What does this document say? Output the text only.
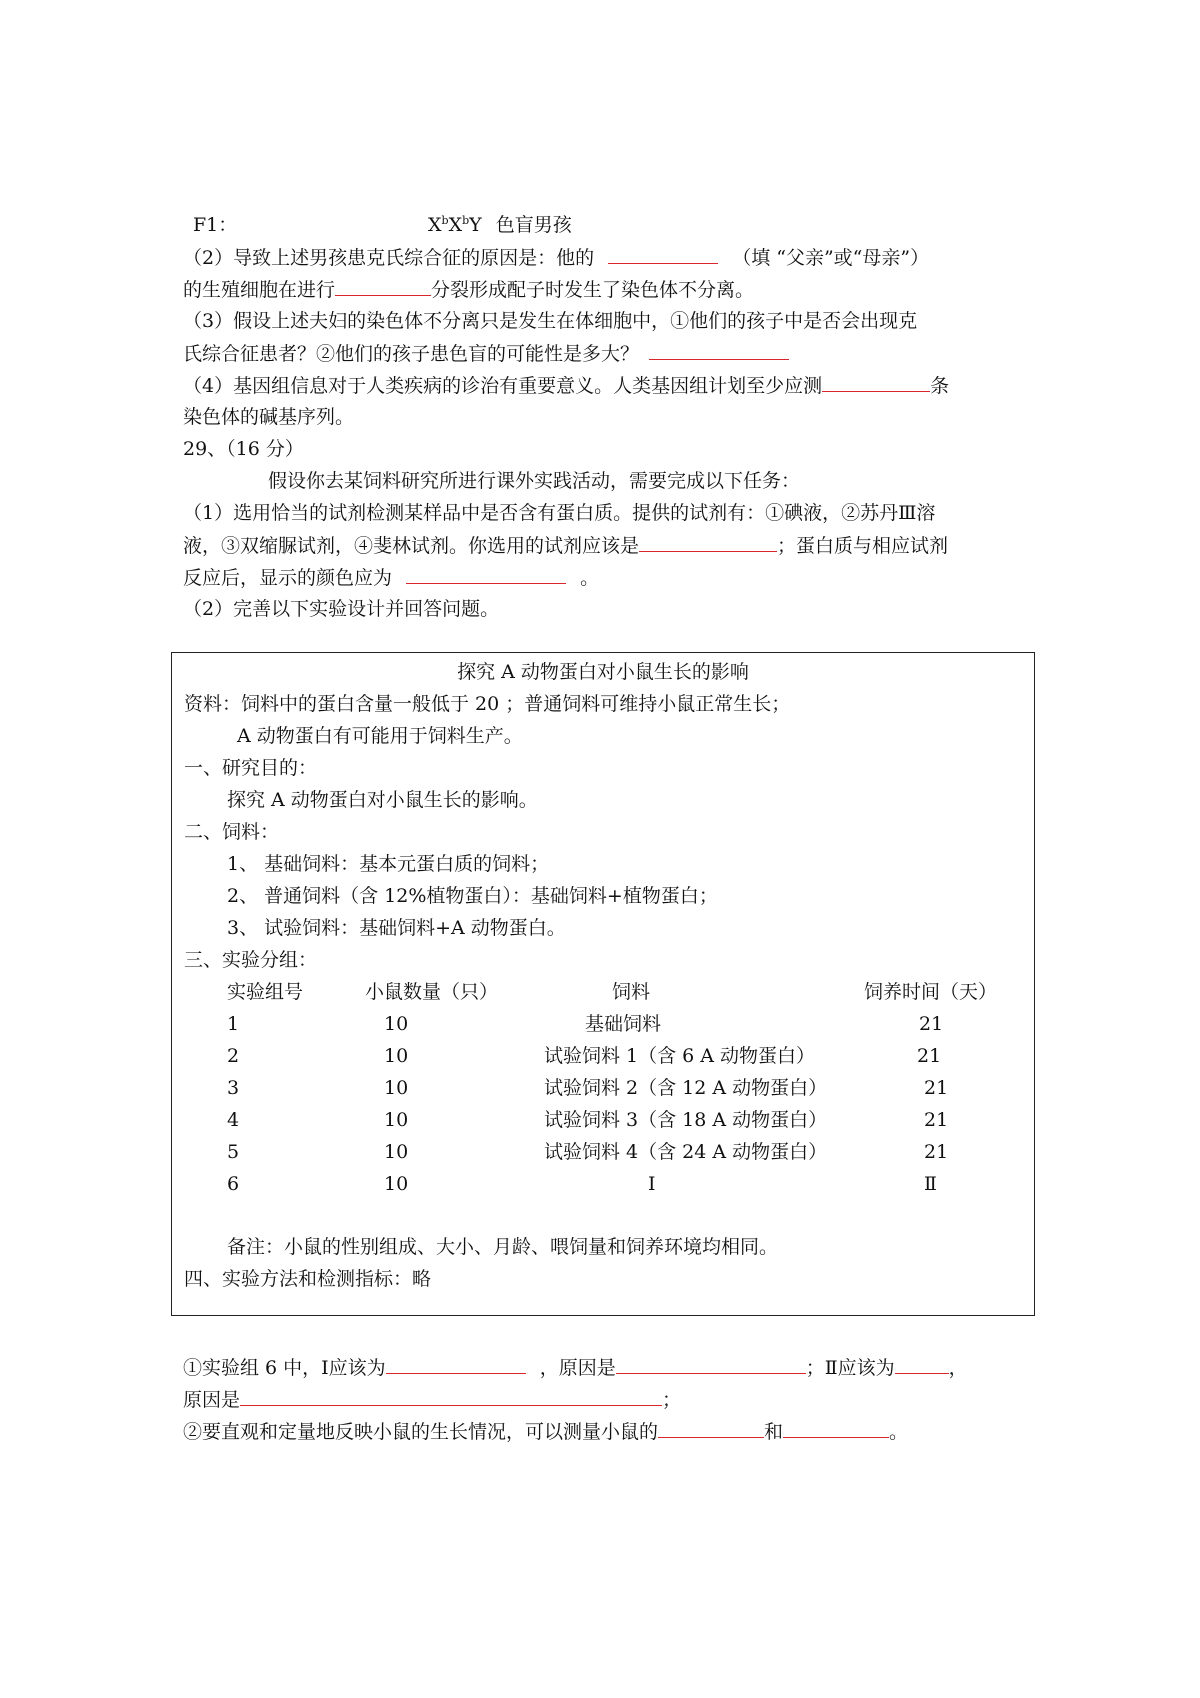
F1：	$X^bX^bY$ 色盲男孩
（2）导致上述男孩患克氏综合征的原因是：他的	（填 “父亲”或“母亲”）
的生殖细胞在进行	分裂形成配子时发生了染色体不分离。
（3）假设上述夫妇的染色体不分离只是发生在体细胞中，①他们的孩子中是否会出现克
氏综合征患者？②他们的孩子患色盲的可能性是多大？
（4）基因组信息对于人类疾病的诊治有重要意义。人类基因组计划至少应测	条
染色体的碱基序列。
29、（16 分）
假设你去某饲料研究所进行课外实践活动，需要完成以下任务：
（1）选用恰当的试剂检测某样品中是否含有蛋白质。提供的试剂有：①碘液，②苏丹Ⅲ溶
液，③双缩脲试剂，④斐林试剂。你选用的试剂应该是	；蛋白质与相应试剂
反应后，显示的颜色应为	。
（2）完善以下实验设计并回答问题。
探究 A 动物蛋白对小鼠生长的影响
资料：饲料中的蛋白含量一般低于 20 ；普通饲料可维持小鼠正常生长；
A 动物蛋白有可能用于饲料生产。
一、研究目的：
探究 A 动物蛋白对小鼠生长的影响。
二、饲料：
1、 基础饲料：基本元蛋白质的饲料；
2、 普通饲料（含 12%植物蛋白）：基础饲料+植物蛋白；
3、 试验饲料：基础饲料+A 动物蛋白。
三、实验分组：
实验组号	小鼠数量（只）	饲料	饲养时间（天）
1	10	基础饲料	21
2	10	试验饲料 1（含 6 A 动物蛋白）	21
3	10	试验饲料 2（含 12 A 动物蛋白）	21
4	10	试验饲料 3（含 18 A 动物蛋白）	21
5	10	试验饲料 4（含 24 A 动物蛋白）	21
6	10	Ⅰ	Ⅱ
备注：小鼠的性别组成、大小、月龄、喂饲量和饲养环境均相同。
四、实验方法和检测指标：略
①实验组 6 中，Ⅰ应该为	，原因是	；Ⅱ应该为	，
原因是	；
②要直观和定量地反映小鼠的生长情况，可以测量小鼠的	和	。
